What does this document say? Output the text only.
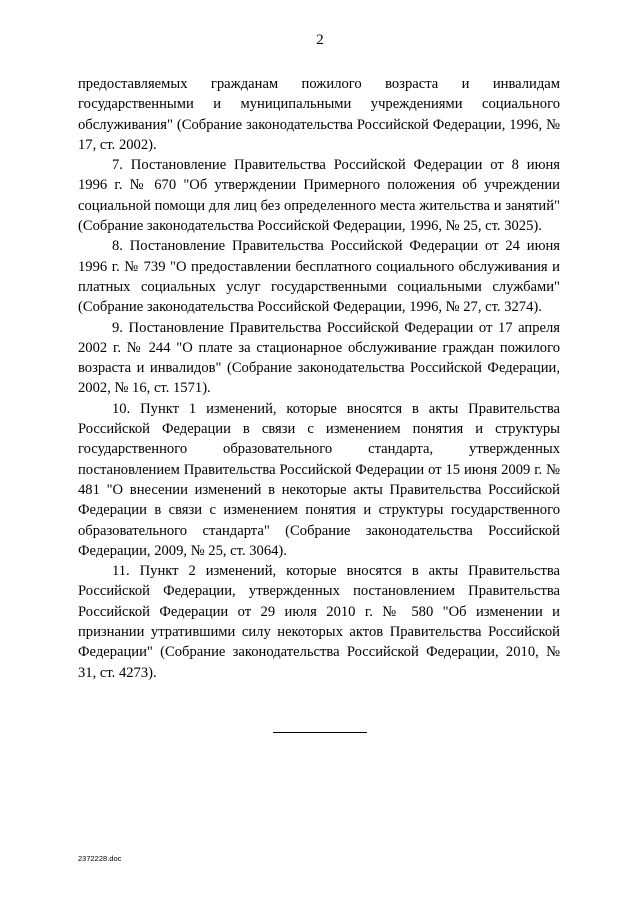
2

предоставляемых гражданам пожилого возраста и инвалидам государственными и муниципальными учреждениями социального обслуживания" (Собрание законодательства Российской Федерации, 1996, № 17, ст. 2002).

7. Постановление Правительства Российской Федерации от 8 июня 1996 г. № 670 "Об утверждении Примерного положения об учреждении социальной помощи для лиц без определенного места жительства и занятий" (Собрание законодательства Российской Федерации, 1996, № 25, ст. 3025).

8. Постановление Правительства Российской Федерации от 24 июня 1996 г. № 739 "О предоставлении бесплатного социального обслуживания и платных социальных услуг государственными социальными службами" (Собрание законодательства Российской Федерации, 1996, № 27, ст. 3274).

9. Постановление Правительства Российской Федерации от 17 апреля 2002 г. № 244 "О плате за стационарное обслуживание граждан пожилого возраста и инвалидов" (Собрание законодательства Российской Федерации, 2002, № 16, ст. 1571).

10. Пункт 1 изменений, которые вносятся в акты Правительства Российской Федерации в связи с изменением понятия и структуры государственного образовательного стандарта, утвержденных постановлением Правительства Российской Федерации от 15 июня 2009 г. № 481 "О внесении изменений в некоторые акты Правительства Российской Федерации в связи с изменением понятия и структуры государственного образовательного стандарта" (Собрание законодательства Российской Федерации, 2009, № 25, ст. 3064).

11. Пункт 2 изменений, которые вносятся в акты Правительства Российской Федерации, утвержденных постановлением Правительства Российской Федерации от 29 июля 2010 г. № 580 "Об изменении и признании утратившими силу некоторых актов Правительства Российской Федерации" (Собрание законодательства Российской Федерации, 2010, № 31, ст. 4273).

2372228.doc
